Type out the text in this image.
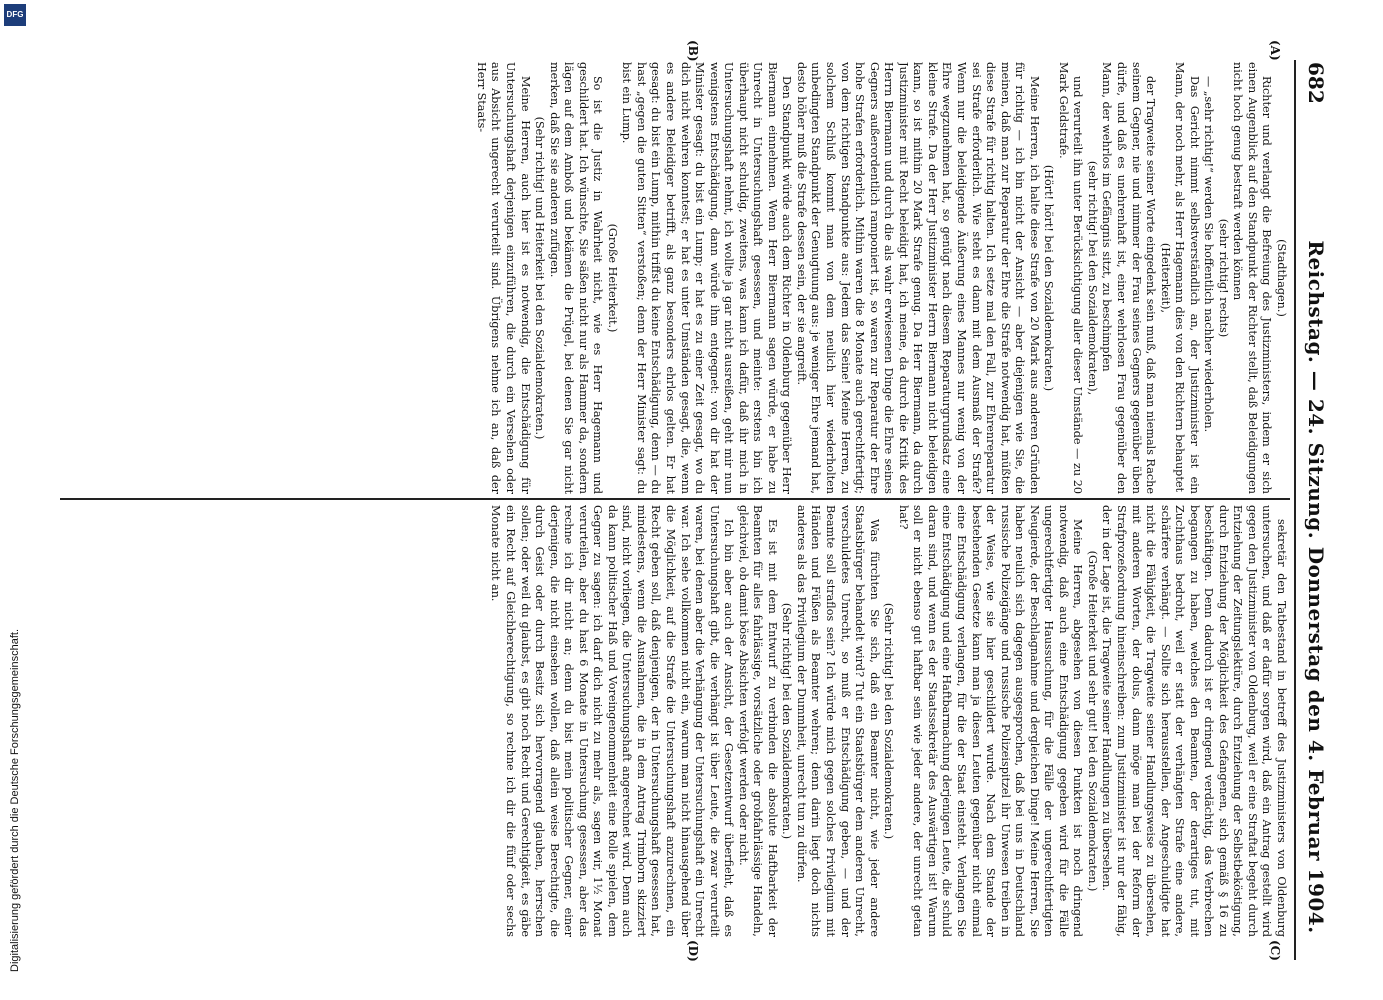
682
Reichstag. — 24. Sitzung. Donnerstag den 4. Februar 1904.
(A)
(B)
(C)
(D)

(Stadthagen.)

Richter und verlangt die Befreiung des Justizministers, indem er sich einen Augenblick auf den Standpunkt der Richter stellt, daß Beleidigungen nicht hoch genug bestraft werden können

(sehr richtig! rechts)

— „sehr richtig!“ werden Sie hoffentlich nachher wiederholen.

Das Gericht nimmt selbstverständlich an, der Justizminister ist ein Mann, der noch mehr, als Herr Hagemann dies von den Richtern behauptet

(Heiterkeit),

der Tragweite seiner Worte eingedenk sein muß, daß man niemals Rache seinem Gegner, nie und nimmer der Frau seines Gegners gegenüber üben dürfe, und daß es unehrenhaft ist, einer wehrlosen Frau gegenüber den Mann, der wehrlos im Gefängnis sitzt, zu beschimpfen

(sehr richtig! bei den Sozialdemokraten),

und verurteilt ihn unter Berücksichtigung aller dieser Umstände — zu 20 Mark Geldstrafe.

(Hört! hört! bei den Sozialdemokraten.)

Meine Herren, ich halte diese Strafe von 20 Mark aus anderen Gründen für richtig — ich bin nicht der Ansicht — aber diejenigen wie Sie, die meinen, daß man zur Reparatur der Ehre die Strafe notwendig hat, müßten diese Strafe für richtig halten. Ich setze mal den Fall, zur Ehrenreparatur sei Strafe erforderlich. Wie steht es dann mit dem Ausmaß der Strafe? Wenn nur die beleidigende Äußerung eines Mannes nur wenig von der Ehre wegzunehmen hat, so genügt nach diesem Reparaturgrundsatz eine kleine Strafe. Da der Herr Justizminister Herrn Biermann nicht beleidigen kann, so ist mithin 20 Mark Strafe genug. Da Herr Biermann, da durch Justizminister mit Recht beleidigt hat, ich meine, da durch die Kritik des Herrn Biermann und durch die als wahr erwiesenen Dinge die Ehre seines Gegners außerordentlich ramponiert ist, so waren zur Reparatur der Ehre hohe Strafen erforderlich. Mithin waren die 8 Monate auch gerechtfertigt; von dem richtigen Standpunkte aus: Jedem das Seine! Meine Herren, zu solchem Schluß kommt man von dem neulich hier wiederholten unbedingten Standpunkt der Genugtuung aus: je weniger Ehre jemand hat, desto höher muß die Strafe dessen sein, der sie angreift.

Den Standpunkt würde auch dem Richter in Oldenburg gegenüber Herr Biermann einnehmen. Wenn Herr Biermann sagen würde, er habe zu Unrecht in Untersuchungshaft gesessen, und meinte: erstens bin ich überhaupt nicht schuldig, zweitens, was kann ich dafür, daß ihr mich in Untersuchungshaft nehmt, ich wollte ja gar nicht ausreißen, geht mir nun wenigstens Entschädigung, dann würde ihm entgegnet: von dir hat der Minister gesagt: du bist ein Lump; er hat es zu einer Zeit gesagt, wo du dich nicht wehren konntest; er hat es unter Umständen gesagt, die, wenn es andere Beleidiger betrifft, als ganz besonders ehrlos gelten. Er hat gesagt: du bist ein Lump, mithin triffst du keine Entschädigung, denn — du hast „gegen die guten Sitten“ verstoßen; denn der Herr Minister sagt: du bist ein Lump.

(Große Heiterkeit.)

So ist die Justiz in Wahrheit nicht, wie es Herr Hagemann und geschildert hat. Ich wünschte, Sie säßen nicht nur als Hammer da, sondern lägen auf dem Amboß und bekämen die Prügel, bei denen Sie gar nicht merken, daß Sie sie anderen zufügen.

(Sehr richtig! und Heiterkeit bei den Sozialdemokraten.)

Meine Herren, auch hier ist es notwendig, die Entschädigung für Untersuchungshaft derjenigen einzuführen, die durch ein Versehen oder aus Absicht ungerecht verurteilt sind. Übrigens nehme ich an, daß der Herr Staats-

sekretär den Tatbestand in betreff des Justizministers von Oldenburg untersuchen, und daß er dafür sorgen wird, daß ein Antrag gestellt wird gegen den Justizminister von Oldenburg, weil er eine Straftat begeht durch Entziehung der Zeitungslektüre, durch Entziehung der Selbstbeköstigung, durch Entziehung der Möglichkeit des Gefangenen, sich gemäß § 16 zu beschäftigen. Denn dadurch ist er dringend verdächtig, das Verbrechen begangen zu haben, welches den Beamten, der derartiges tut, mit Zuchthaus bedroht, weil er statt der verhängten Strafe eine andere, schärfere verhängt. — Sollte sich herausstellen, der Angeschuldigte hat nicht die Fähigkeit, die Tragweite seiner Handlungsweise zu übersehen, mit anderen Worten, der dolus, dann möge man bei der Reform der Strafprozeßordnung hineinschreiben: zum Justizminister ist nur der fähig, der in der Lage ist, die Tragweite seiner Handlungen zu übersehen.

(Große Heiterkeit und sehr gut! bei den Sozialdemokraten.)

Meine Herren, abgesehen von diesen Punkten ist noch dringend notwendig, daß auch eine Entschädigung gegeben wird für die Fälle ungerechtfertigter Haussuchung, für die Fälle der ungerechtfertigten Neugierde, der Beschlagnahme und dergleichen Dinge! Meine Herren, Sie haben neulich sich dagegen ausgesprochen, daß bei uns in Deutschland russische Polizeigänge und russische Polizeispitzel ihr Unwesen treiben in der Weise, wie sie hier geschildert wurde. Nach dem Stande der bestehenden Gesetze kann man ja diesen Leuten gegenüber nicht einmal eine Entschädigung verlangen, für die der Staat einsteht. Verlangen Sie eine Entschädigung und eine Haftbarmachung derjenigen Leute, die schuld daran sind, und wenn es der Staatssekretär des Auswärtigen ist! Warum soll er nicht ebenso gut haftbar sein wie jeder andere, der unrecht getan hat?

(Sehr richtig! bei den Sozialdemokraten.)

Was fürchten Sie sich, daß ein Beamter nicht, wie jeder andere Staatsbürger behandelt wird? Tut ein Staatsbürger dem anderen Unrecht, verschuldetes Unrecht, so muß er Entschädigung geben, — und der Beamte soll straflos sein? Ich würde mich gegen solches Privilegium mit Händen und Füßen als Beamter wehren; denn darin liegt doch nichts anderes als das Privilegium der Dummheit, unrecht tun zu dürfen.

(Sehr richtig! bei den Sozialdemokraten.)

Es ist mit dem Entwurf zu verbinden die absolute Haftbarkeit der Beamten für alles fahrlässige, vorsätzliche oder grobfahrlässige Handeln, gleichviel, ob damit böse Absichten verfolgt werden oder nicht.

Ich bin aber auch der Ansicht, der Gesetzentwurf überfieht, daß es Untersuchungshaft gibt, die verhängt ist über Leute, die zwar verurteilt waren, bei denen aber die Verhängung der Untersuchungshaft ein Unrecht war. Ich sehe vollkommen nicht ein, warum man nicht hinausgehend über die Möglichkeit, auf die Strafe die Untersuchungshaft anzurechnen, ein Recht geben soll, daß denjenigen, der in Untersuchungshaft gesessen hat, mindestens, wenn die Ausnahmen, die in dem Antrag Trimborn skizziert sind, nicht vorliegen, die Untersuchungshaft angerechnet wird. Denn auch da kann politischer Haß und Voreingenommenheit eine Rolle spielen, dem Gegner zu sagen: ich darf dich nicht zu mehr als, sagen wir, 1½ Monat verurteilen, aber du hast 6 Monate in Untersuchung gesessen, aber das rechne ich dir nicht an; denn du bist mein politischer Gegner, einer derjenigen, die nicht einsehen wollen, daß allein weise Berechtigte, die durch Geist oder durch Besitz sich hervorragend glauben, herrschen sollen; oder weil du glaubst, es gibt noch Recht und Gerechtigkeit, es gäbe ein Recht auf Gleichberechtigung, so rechne ich dir die fünf oder sechs Monate nicht an.

DFG
Digitalisierung gefördert durch die Deutsche Forschungsgemeinschaft.
